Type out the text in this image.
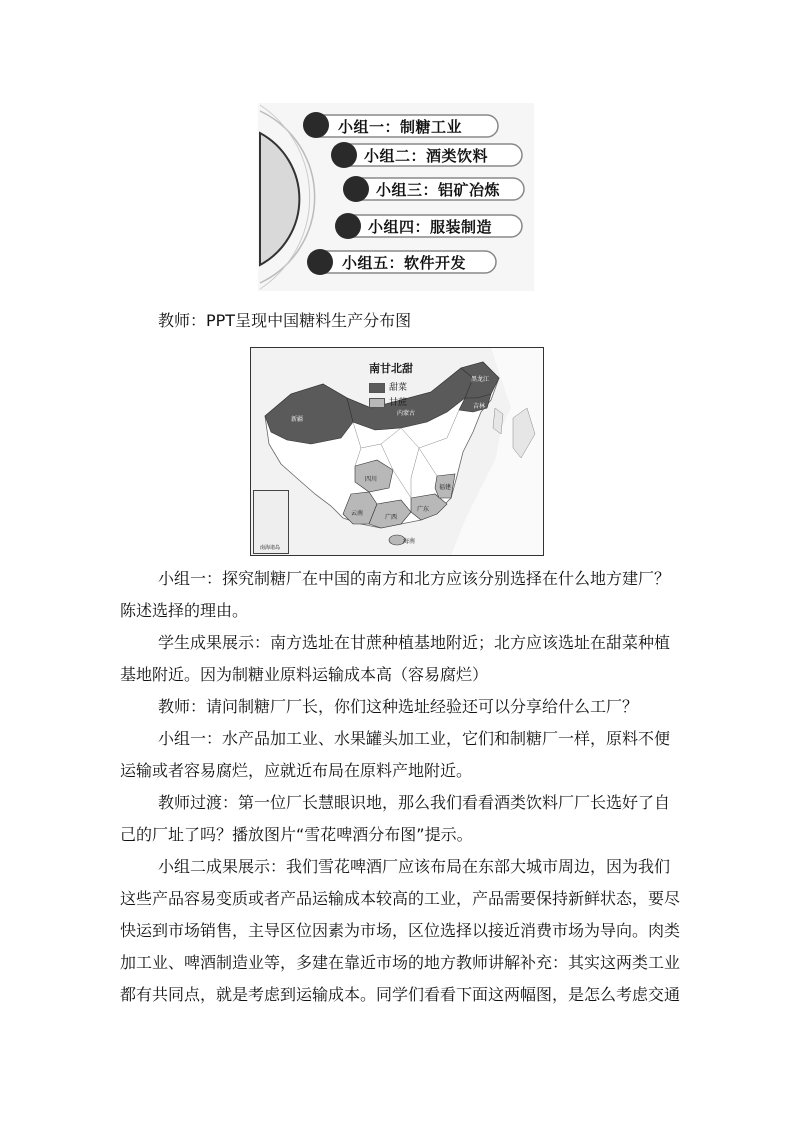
小组一：制糖工业
小组二：酒类饮料
小组三：铝矿冶炼
小组四：服装制造
小组五：软件开发
教师：PPT呈现中国糖料生产分布图
南甘北甜
甜菜
甘蔗
黑龙江
吉林
内蒙古
新疆
四川
云南
广西
广东
福建
海南
南海诸岛
小组一：探究制糖厂在中国的南方和北方应该分别选择在什么地方建厂？陈述选择的理由。
学生成果展示：南方选址在甘蔗种植基地附近；北方应该选址在甜菜种植基地附近。因为制糖业原料运输成本高（容易腐烂）
教师：请问制糖厂厂长，你们这种选址经验还可以分享给什么工厂？
小组一：水产品加工业、水果罐头加工业，它们和制糖厂一样，原料不便运输或者容易腐烂，应就近布局在原料产地附近。
教师过渡：第一位厂长慧眼识地，那么我们看看酒类饮料厂厂长选好了自己的厂址了吗？播放图片“雪花啤酒分布图”提示。
小组二成果展示：我们雪花啤酒厂应该布局在东部大城市周边，因为我们这些产品容易变质或者产品运输成本较高的工业，产品需要保持新鲜状态，要尽快运到市场销售，主导区位因素为市场，区位选择以接近消费市场为导向。肉类加工业、啤酒制造业等，多建在靠近市场的地方教师讲解补充：其实这两类工业都有共同点，就是考虑到运输成本。同学们看看下面这两幅图，是怎么考虑交通
